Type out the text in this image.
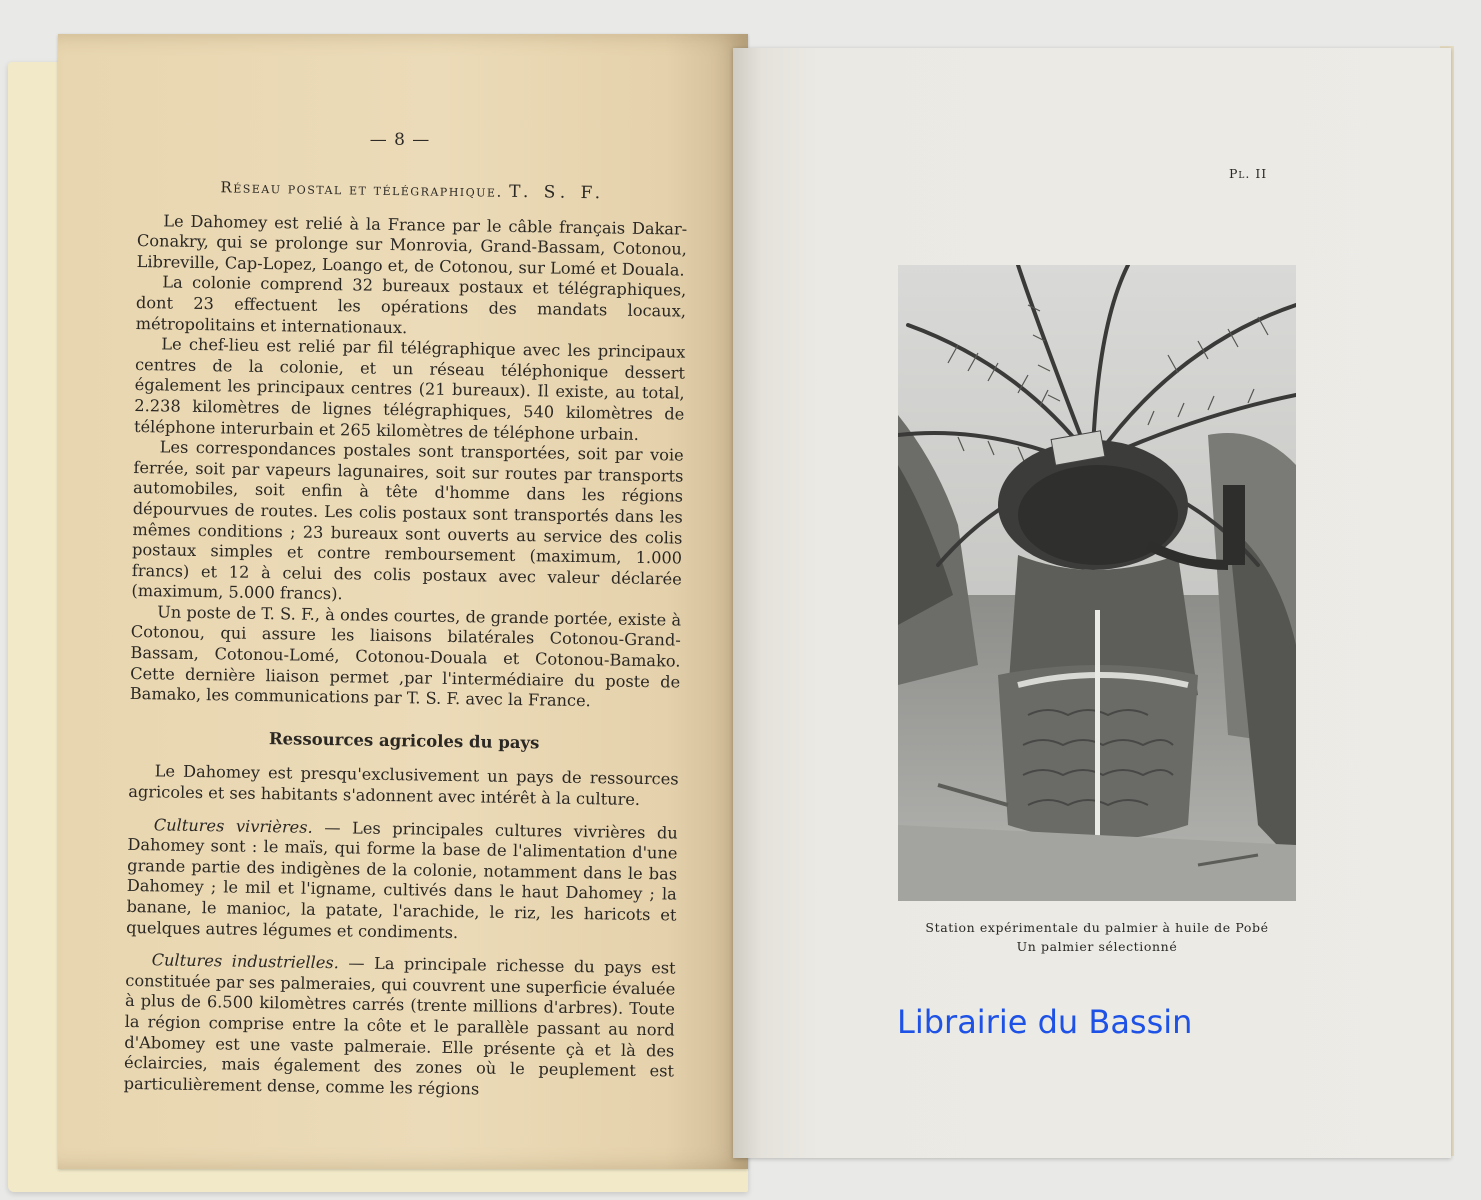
— 8 —
Réseau postal et télégraphique. T. S. F.

Le Dahomey est relié à la France par le câble français Dakar-Conakry, qui se prolonge sur Monrovia, Grand-Bassam, Cotonou, Libreville, Cap-Lopez, Loango et, de Cotonou, sur Lomé et Douala.

La colonie comprend 32 bureaux postaux et télégraphiques, dont 23 effectuent les opérations des mandats locaux, métropolitains et internationaux.

Le chef-lieu est relié par fil télégraphique avec les principaux centres de la colonie, et un réseau téléphonique dessert également les principaux centres (21 bureaux). Il existe, au total, 2.238 kilomètres de lignes télégraphiques, 540 kilomètres de téléphone interurbain et 265 kilomètres de téléphone urbain.

Les correspondances postales sont transportées, soit par voie ferrée, soit par vapeurs lagunaires, soit sur routes par transports automobiles, soit enfin à tête d'homme dans les régions dépourvues de routes. Les colis postaux sont transportés dans les mêmes conditions ; 23 bureaux sont ouverts au service des colis postaux simples et contre remboursement (maximum, 1.000 francs) et 12 à celui des colis postaux avec valeur déclarée (maximum, 5.000 francs).

Un poste de T. S. F., à ondes courtes, de grande portée, existe à Cotonou, qui assure les liaisons bilatérales Cotonou-Grand-Bassam, Cotonou-Lomé, Cotonou-Douala et Cotonou-Bamako. Cette dernière liaison permet ,par l'intermédiaire du poste de Bamako, les communications par T. S. F. avec la France.

Ressources agricoles du pays

Le Dahomey est presqu'exclusivement un pays de ressources agricoles et ses habitants s'adonnent avec intérêt à la culture.

Cultures vivrières. — Les principales cultures vivrières du Dahomey sont : le maïs, qui forme la base de l'alimentation d'une grande partie des indigènes de la colonie, notamment dans le bas Dahomey ; le mil et l'igname, cultivés dans le haut Dahomey ; la banane, le manioc, la patate, l'arachide, le riz, les haricots et quelques autres légumes et condiments.

Cultures industrielles. — La principale richesse du pays est constituée par ses palmeraies, qui couvrent une superficie évaluée à plus de 6.500 kilomètres carrés (trente millions d'arbres). Toute la région comprise entre la côte et le parallèle passant au nord d'Abomey est une vaste palmeraie. Elle présente çà et là des éclaircies, mais également des zones où le peuplement est particulièrement dense, comme les régions

Pl. II
Station expérimentale du palmier à huile de Pobé
Un palmier sélectionné
Librairie du Bassin
